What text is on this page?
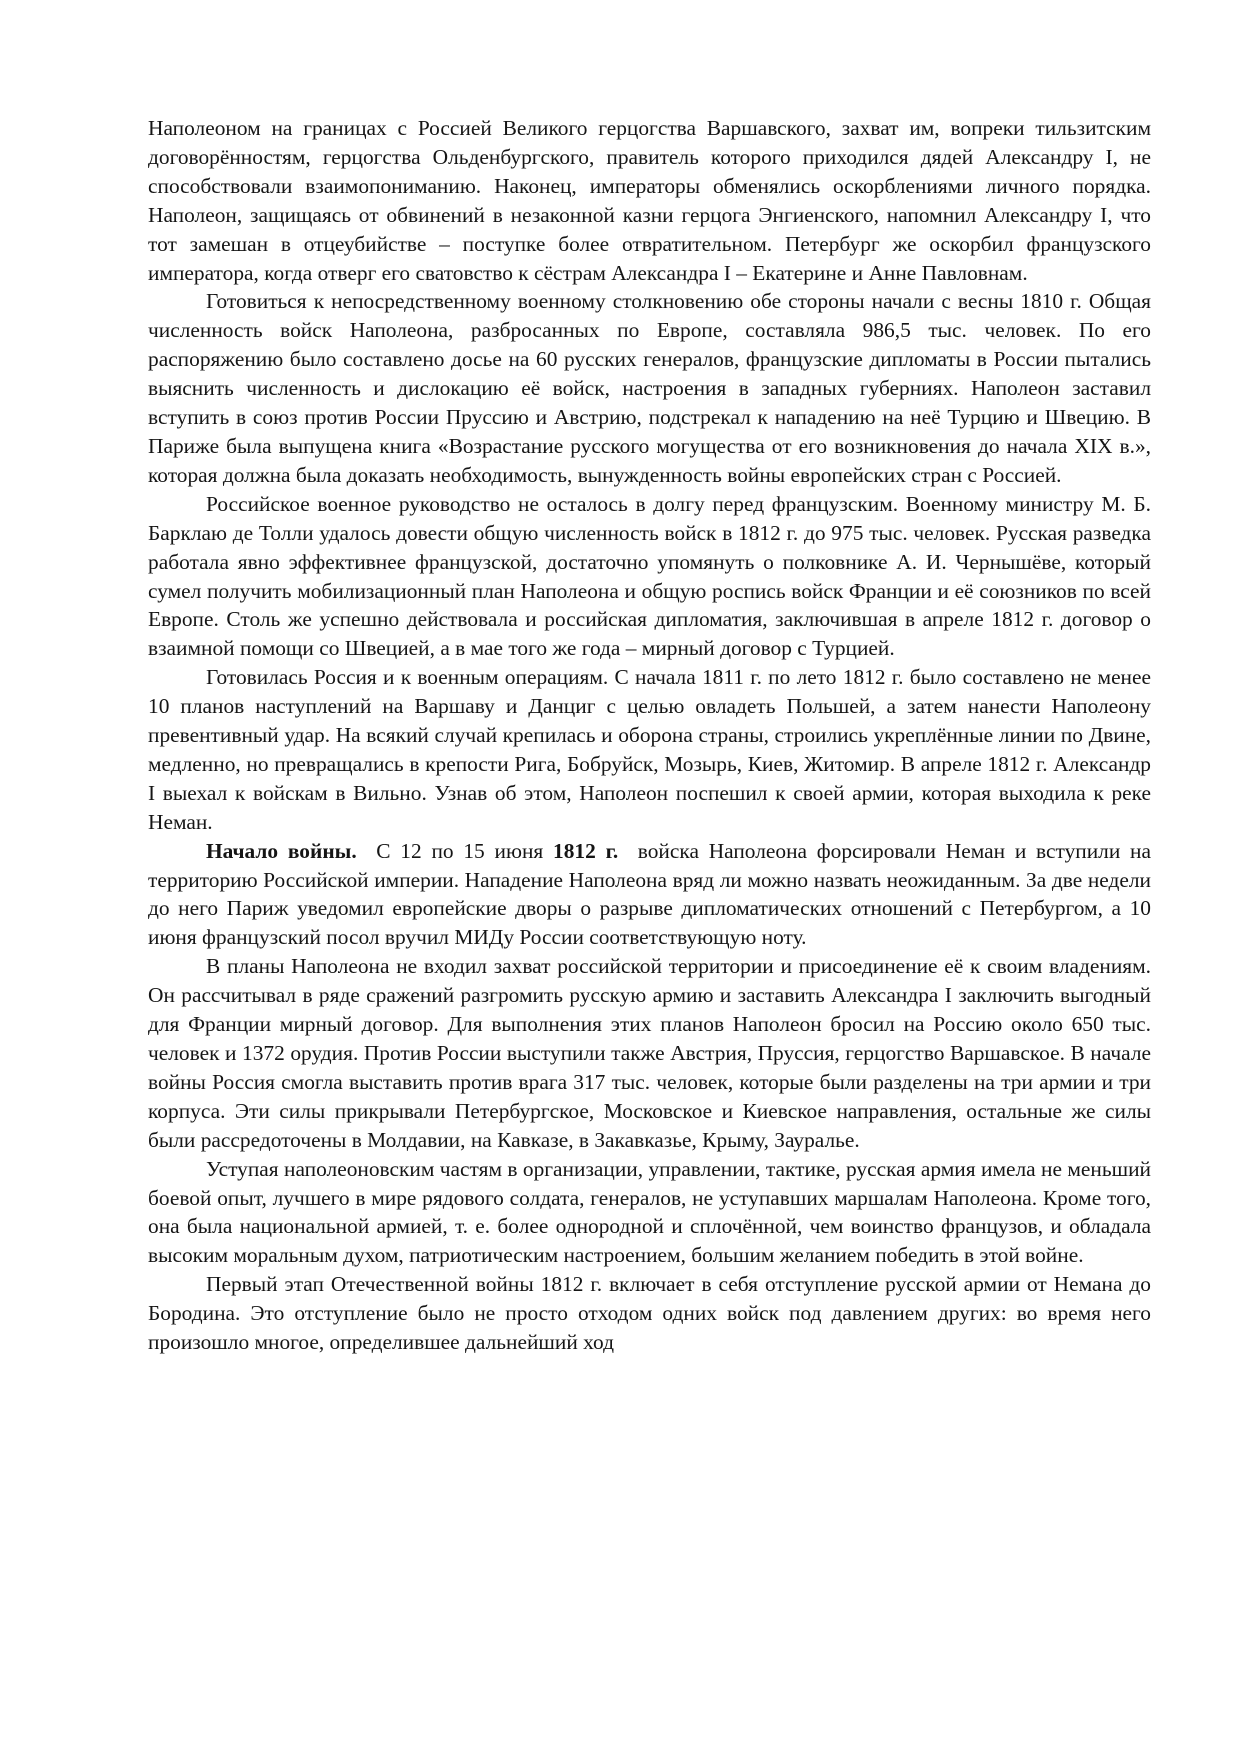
Наполеоном на границах с Россией Великого герцогства Варшавского, захват им, вопреки тильзитским договорённостям, герцогства Ольденбургского, правитель которого приходился дядей Александру I, не способствовали взаимопониманию. Наконец, императоры обменялись оскорблениями личного порядка. Наполеон, защищаясь от обвинений в незаконной казни герцога Энгиенского, напомнил Александру I, что тот замешан в отцеубийстве – поступке более отвратительном. Петербург же оскорбил французского императора, когда отверг его сватовство к сёстрам Александра I – Екатерине и Анне Павловнам.

Готовиться к непосредственному военному столкновению обе стороны начали с весны 1810 г. Общая численность войск Наполеона, разбросанных по Европе, составляла 986,5 тыс. человек. По его распоряжению было составлено досье на 60 русских генералов, французские дипломаты в России пытались выяснить численность и дислокацию её войск, настроения в западных губерниях. Наполеон заставил вступить в союз против России Пруссию и Австрию, подстрекал к нападению на неё Турцию и Швецию. В Париже была выпущена книга «Возрастание русского могущества от его возникновения до начала XIX в.», которая должна была доказать необходимость, вынужденность войны европейских стран с Россией.

Российское военное руководство не осталось в долгу перед французским. Военному министру М. Б. Барклаю де Толли удалось довести общую численность войск в 1812 г. до 975 тыс. человек. Русская разведка работала явно эффективнее французской, достаточно упомянуть о полковнике А. И. Чернышёве, который сумел получить мобилизационный план Наполеона и общую роспись войск Франции и её союзников по всей Европе. Столь же успешно действовала и российская дипломатия, заключившая в апреле 1812 г. договор о взаимной помощи со Швецией, а в мае того же года – мирный договор с Турцией.

Готовилась Россия и к военным операциям. С начала 1811 г. по лето 1812 г. было составлено не менее 10 планов наступлений на Варшаву и Данциг с целью овладеть Польшей, а затем нанести Наполеону превентивный удар. На всякий случай крепилась и оборона страны, строились укреплённые линии по Двине, медленно, но превращались в крепости Рига, Бобруйск, Мозырь, Киев, Житомир. В апреле 1812 г. Александр I выехал к войскам в Вильно. Узнав об этом, Наполеон поспешил к своей армии, которая выходила к реке Неман.

Начало войны. С 12 по 15 июня 1812 г. войска Наполеона форсировали Неман и вступили на территорию Российской империи. Нападение Наполеона вряд ли можно назвать неожиданным. За две недели до него Париж уведомил европейские дворы о разрыве дипломатических отношений с Петербургом, а 10 июня французский посол вручил МИДу России соответствующую ноту.

В планы Наполеона не входил захват российской территории и присоединение её к своим владениям. Он рассчитывал в ряде сражений разгромить русскую армию и заставить Александра I заключить выгодный для Франции мирный договор. Для выполнения этих планов Наполеон бросил на Россию около 650 тыс. человек и 1372 орудия. Против России выступили также Австрия, Пруссия, герцогство Варшавское. В начале войны Россия смогла выставить против врага 317 тыс. человек, которые были разделены на три армии и три корпуса. Эти силы прикрывали Петербургское, Московское и Киевское направления, остальные же силы были рассредоточены в Молдавии, на Кавказе, в Закавказье, Крыму, Зауралье.

Уступая наполеоновским частям в организации, управлении, тактике, русская армия имела не меньший боевой опыт, лучшего в мире рядового солдата, генералов, не уступавших маршалам Наполеона. Кроме того, она была национальной армией, т. е. более однородной и сплочённой, чем воинство французов, и обладала высоким моральным духом, патриотическим настроением, большим желанием победить в этой войне.

Первый этап Отечественной войны 1812 г. включает в себя отступление русской армии от Немана до Бородина. Это отступление было не просто отходом одних войск под давлением других: во время него произошло многое, определившее дальнейший ход
